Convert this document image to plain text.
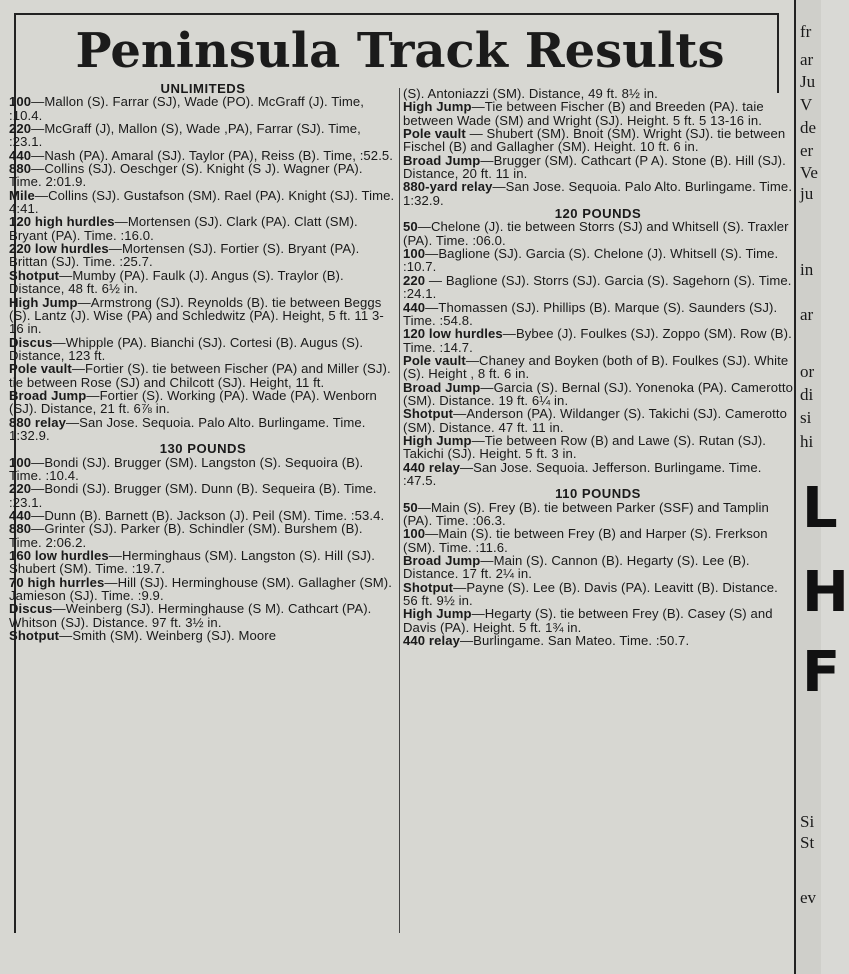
Peninsula Track Results
UNLIMITEDS

100—Mallon (S). Farrar (SJ), Wade (PO). McGraff (J). Time, :10.4.

220—McGraff (J), Mallon (S), Wade ,PA), Farrar (SJ). Time, :23.1.

440—Nash (PA). Amaral (SJ). Taylor (PA), Reiss (B). Time, :52.5.

880—Collins (SJ). Oeschger (S). Knight (S J). Wagner (PA). Time. 2:01.9.

Mile—Collins (SJ). Gustafson (SM). Rael (PA). Knight (SJ). Time. 4:41.

120 high hurdles—Mortensen (SJ). Clark (PA). Clatt (SM). Bryant (PA). Time. :16.0.

220 low hurdles—Mortensen (SJ). Fortier (S). Bryant (PA). Brittan (SJ). Time. :25.7.

Shotput—Mumby (PA). Faulk (J). Angus (S). Traylor (B). Distance, 48 ft. 6½ in.

High Jump—Armstrong (SJ). Reynolds (B). tie between Beggs (S). Lantz (J). Wise (PA) and Schledwitz (PA). Height, 5 ft. 11 3-16 in.

Discus—Whipple (PA). Bianchi (SJ). Cortesi (B). Augus (S). Distance, 123 ft.

Pole vault—Fortier (S). tie between Fischer (PA) and Miller (SJ). tie between Rose (SJ) and Chilcott (SJ). Height, 11 ft.

Broad Jump—Fortier (S). Working (PA). Wade (PA). Wenborn (SJ). Distance, 21 ft. 6⅞ in.

880 relay—San Jose. Sequoia. Palo Alto. Burlingame. Time. 1:32.9.

130 POUNDS

100—Bondi (SJ). Brugger (SM). Langston (S). Sequoira (B). Time. :10.4.

220—Bondi (SJ). Brugger (SM). Dunn (B). Sequeira (B). Time. :23.1.

440—Dunn (B). Barnett (B). Jackson (J). Peil (SM). Time. :53.4.

880—Grinter (SJ). Parker (B). Schindler (SM). Burshem (B). Time. 2:06.2.

160 low hurdles—Herminghaus (SM). Langston (S). Hill (SJ). Shubert (SM). Time. :19.7.

70 high hurrles—Hill (SJ). Herminghouse (SM). Gallagher (SM). Jamieson (SJ). Time. :9.9.

Discus—Weinberg (SJ). Herminghause (S M). Cathcart (PA). Whitson (SJ). Distance. 97 ft. 3½ in.

Shotput—Smith (SM). Weinberg (SJ). Moore

(S). Antoniazzi (SM). Distance, 49 ft. 8½ in.

High Jump—Tie between Fischer (B) and Breeden (PA). taie between Wade (SM) and Wright (SJ). Height. 5 ft. 5 13-16 in.

Pole vault — Shubert (SM). Bnoit (SM). Wright (SJ). tie between Fischel (B) and Gallagher (SM). Height. 10 ft. 6 in.

Broad Jump—Brugger (SM). Cathcart (P A). Stone (B). Hill (SJ). Distance, 20 ft. 11 in.

880-yard relay—San Jose. Sequoia. Palo Alto. Burlingame. Time. 1:32.9.

120 POUNDS

50—Chelone (J). tie between Storrs (SJ) and Whitsell (S). Traxler (PA). Time. :06.0.

100—Baglione (SJ). Garcia (S). Chelone (J). Whitsell (S). Time. :10.7.

220 — Baglione (SJ). Storrs (SJ). Garcia (S). Sagehorn (S). Time. :24.1.

440—Thomassen (SJ). Phillips (B). Marque (S). Saunders (SJ). Time. :54.8.

120 low hurdles—Bybee (J). Foulkes (SJ). Zoppo (SM). Row (B). Time. :14.7.

Pole vault—Chaney and Boyken (both of B). Foulkes (SJ). White (S). Height , 8 ft. 6 in.

Broad Jump—Garcia (S). Bernal (SJ). Yonenoka (PA). Camerotto (SM). Distance. 19 ft. 6¼ in.

Shotput—Anderson (PA). Wildanger (S). Takichi (SJ). Camerotto (SM). Distance. 47 ft. 11 in.

High Jump—Tie between Row (B) and Lawe (S). Rutan (SJ). Takichi (SJ). Height. 5 ft. 3 in.

440 relay—San Jose. Sequoia. Jefferson. Burlingame. Time. :47.5.

110 POUNDS

50—Main (S). Frey (B). tie between Parker (SSF) and Tamplin (PA). Time. :06.3.

100—Main (S). tie between Frey (B) and Harper (S). Frerkson (SM). Time. :11.6.

Broad Jump—Main (S). Cannon (B). Hegarty (S). Lee (B). Distance. 17 ft. 2¼ in.

Shotput—Payne (S). Lee (B). Davis (PA). Leavitt (B). Distance. 56 ft. 9½ in.

High Jump—Hegarty (S). tie between Frey (B). Casey (S) and Davis (PA). Height. 5 ft. 1¾ in.

440 relay—Burlingame. San Mateo. Time. :50.7.

fr
ar
Ju
V
de
er
Ve
ju
in
ar
or
di
si
hi
L
H
F
Si
St
ev
